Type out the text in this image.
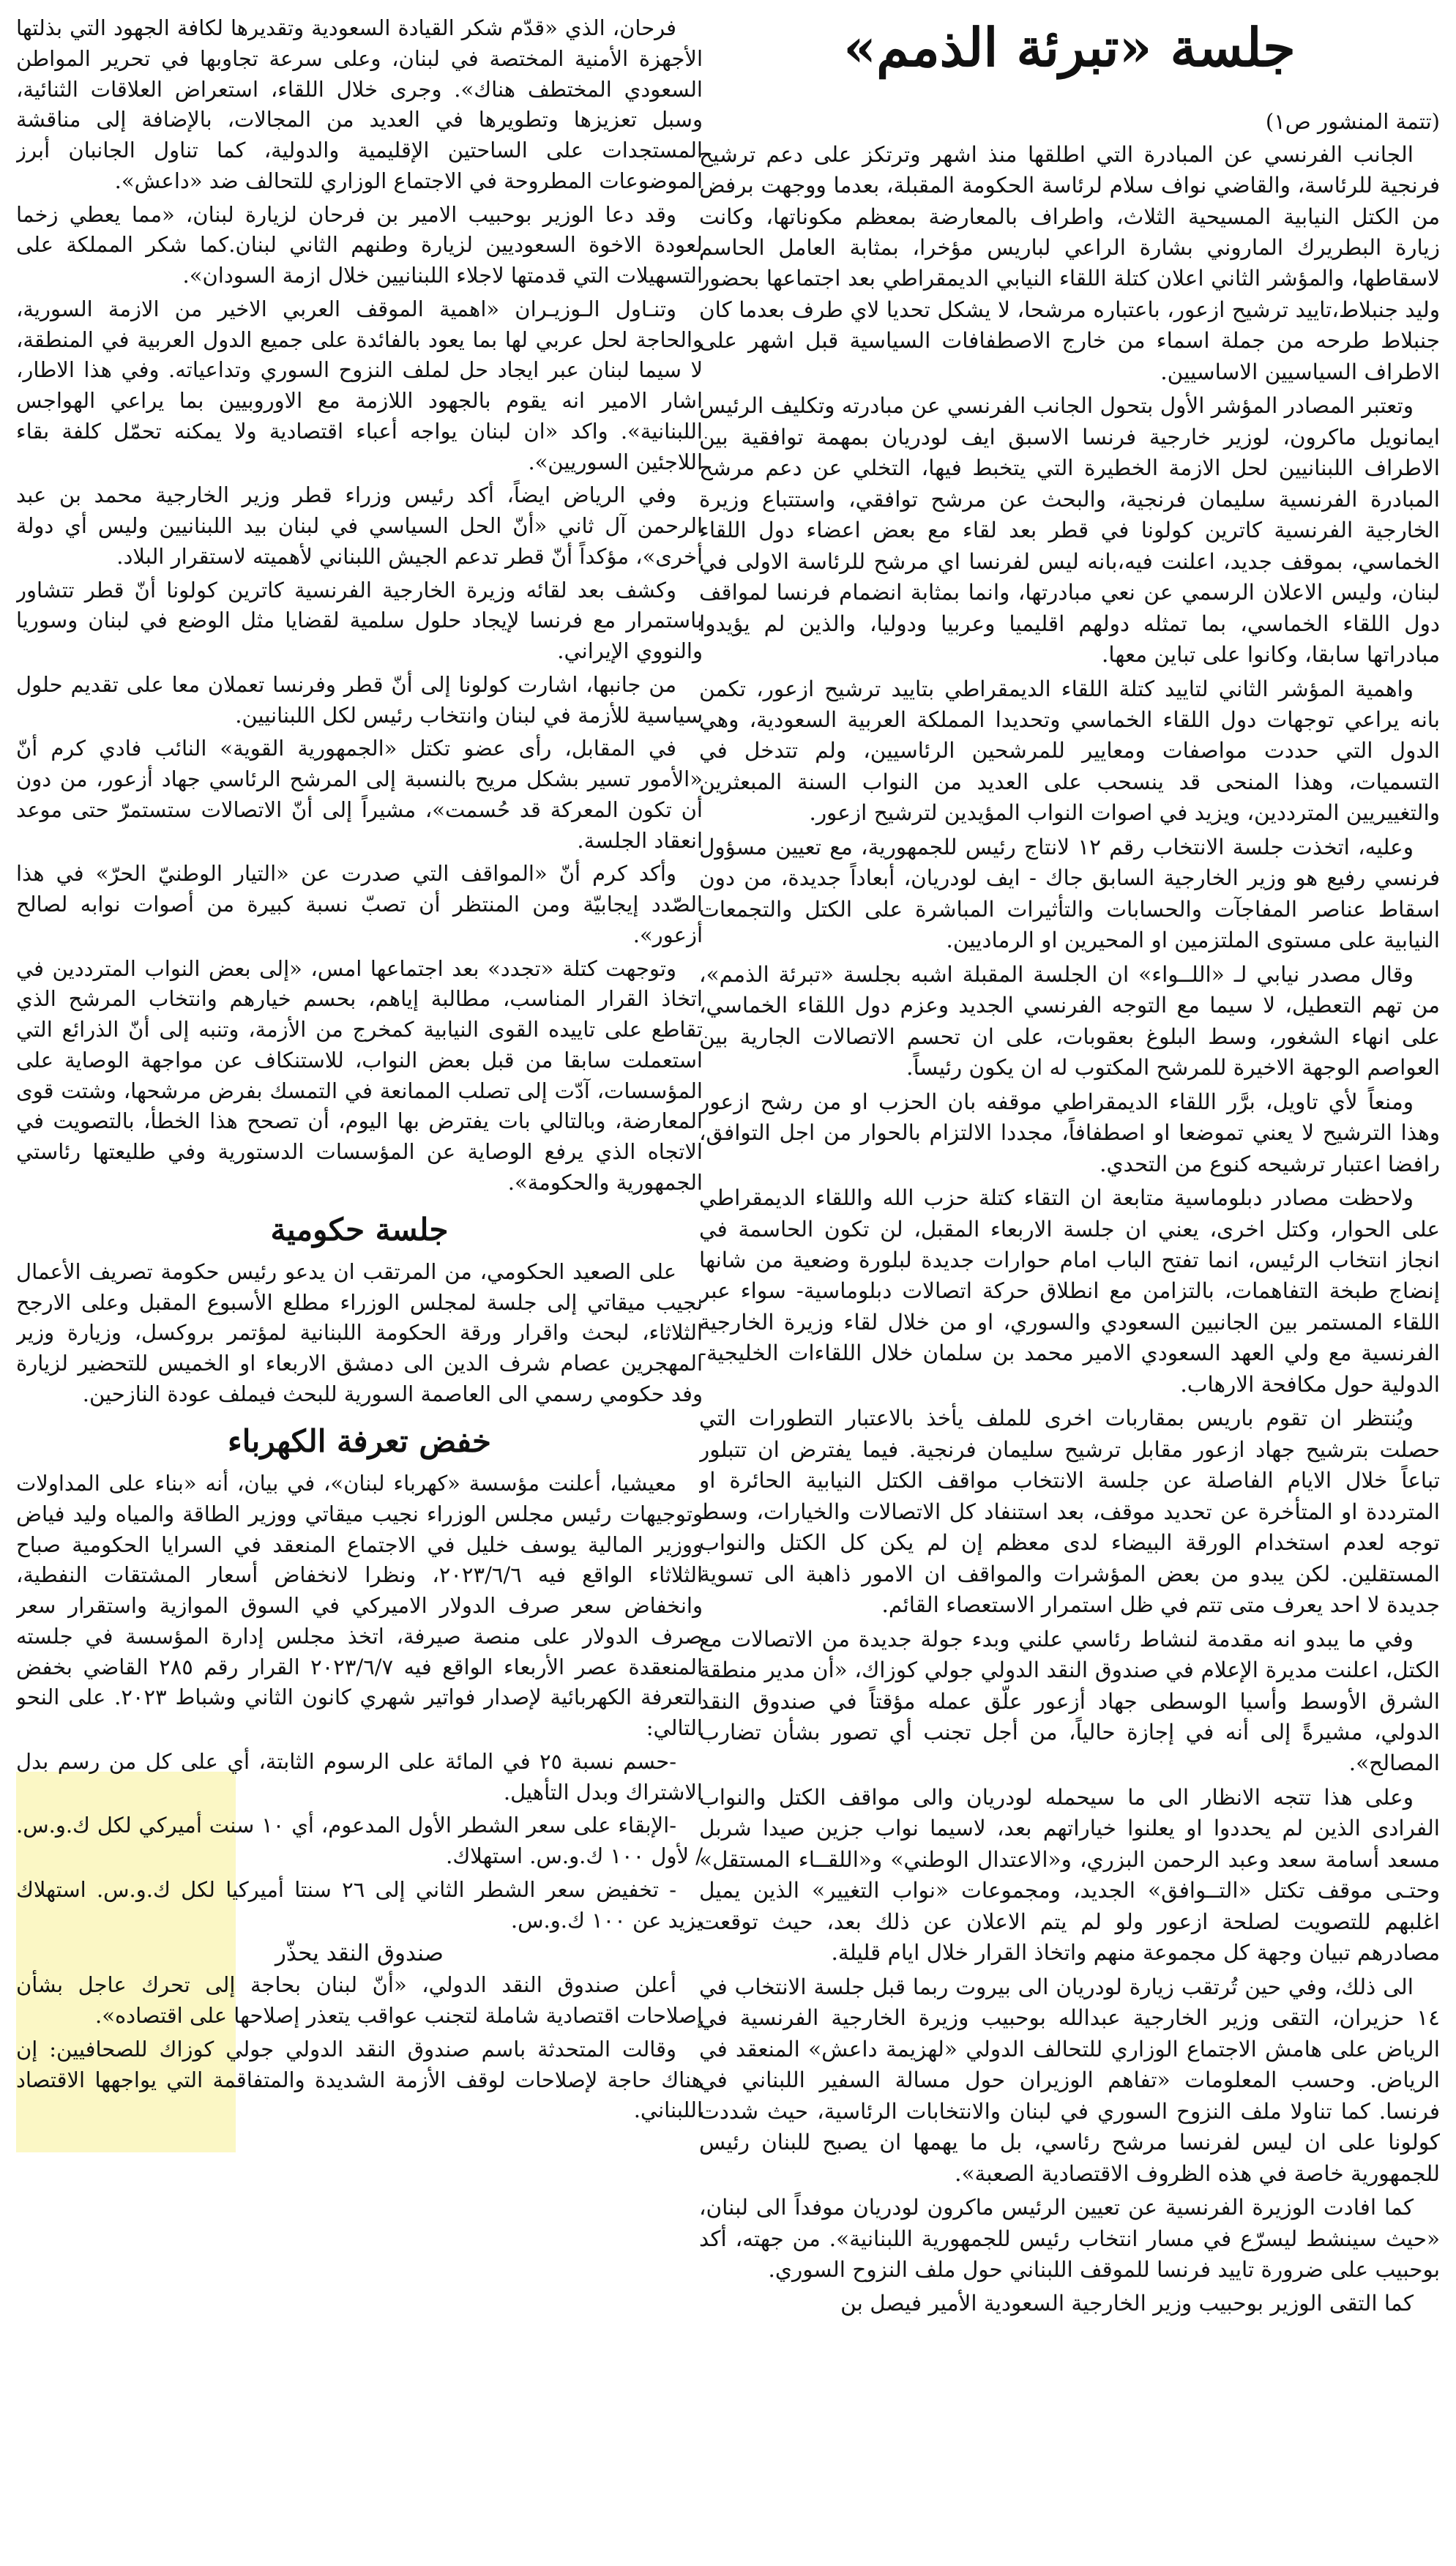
جلسة «تبرئة الذمم»
(تتمة المنشور ص١)

الجانب الفرنسي عن المبادرة التي اطلقها منذ اشهر وترتكز على دعم ترشيح فرنجية للرئاسة، والقاضي نواف سلام لرئاسة الحكومة المقبلة، بعدما ووجهت برفض من الكتل النيابية المسيحية الثلاث، واطراف بالمعارضة بمعظم مكوناتها، وكانت زيارة البطريرك الماروني بشارة الراعي لباريس مؤخرا، بمثابة العامل الحاسم لاسقاطها، والمؤشر الثاني اعلان كتلة اللقاء النيابي الديمقراطي بعد اجتماعها بحضور وليد جنبلاط،تاييد ترشيح ازعور، باعتباره مرشحا، لا يشكل تحديا لاي طرف بعدما كان جنبلاط طرحه من جملة اسماء من خارج الاصطفافات السياسية قبل اشهر على الاطراف السياسيين الاساسيين.

وتعتبر المصادر المؤشر الأول بتحول الجانب الفرنسي عن مبادرته وتكليف الرئيس ايمانويل ماكرون، لوزير خارجية فرنسا الاسبق ايف لودريان بمهمة توافقية بين الاطراف اللبنانيين لحل الازمة الخطيرة التي يتخبط فيها، التخلي عن دعم مرشح المبادرة الفرنسية سليمان فرنجية، والبحث عن مرشح توافقي، واستتباع وزيرة الخارجية الفرنسية كاترين كولونا في قطر بعد لقاء مع بعض اعضاء دول اللقاء الخماسي، بموقف جديد، اعلنت فيه،بانه ليس لفرنسا اي مرشح للرئاسة الاولى في لبنان، وليس الاعلان الرسمي عن نعي مبادرتها، وانما بمثابة انضمام فرنسا لمواقف دول اللقاء الخماسي، بما تمثله دولهم اقليميا وعربيا ودوليا، والذين لم يؤيدوا مبادراتها سابقا، وكانوا على تباين معها.

واهمية المؤشر الثاني لتاييد كتلة اللقاء الديمقراطي بتاييد ترشيح ازعور، تكمن بانه يراعي توجهات دول اللقاء الخماسي وتحديدا المملكة العربية السعودية، وهي الدول التي حددت مواصفات ومعايير للمرشحين الرئاسيين، ولم تتدخل في التسميات، وهذا المنحى قد ينسحب على العديد من النواب السنة المبعثرين والتغييريين المترددين، ويزيد في اصوات النواب المؤيدين لترشيح ازعور.

وعليه، اتخذت جلسة الانتخاب رقم ١٢ لانتاج رئيس للجمهورية، مع تعيين مسؤول فرنسي رفيع هو وزير الخارجية السابق جاك - ايف لودريان، أبعاداً جديدة، من دون اسقاط عناصر المفاجآت والحسابات والتأثيرات المباشرة على الكتل والتجمعات النيابية على مستوى الملتزمين او المحيرين او الرماديين.

وقال مصدر نيابي لـ «اللــواء» ان الجلسة المقبلة اشبه بجلسة «تبرئة الذمم»، من تهم التعطيل، لا سيما مع التوجه الفرنسي الجديد وعزم دول اللقاء الخماسي، على انهاء الشغور، وسط البلوغ بعقوبات، على ان تحسم الاتصالات الجارية بين العواصم الوجهة الاخيرة للمرشح المكتوب له ان يكون رئيساً.

ومنعاً لأي تاويل، برَّر اللقاء الديمقراطي موقفه بان الحزب او من رشح ازعور وهذا الترشيح لا يعني تموضعا او اصطفافاً، مجددا الالتزام بالحوار من اجل التوافق، رافضا اعتبار ترشيحه كنوع من التحدي.

ولاحظت مصادر دبلوماسية متابعة ان التقاء كتلة حزب الله واللقاء الديمقراطي على الحوار، وكتل اخرى، يعني ان جلسة الاربعاء المقبل، لن تكون الحاسمة في انجاز انتخاب الرئيس، انما تفتح الباب امام حوارات جديدة لبلورة وضعية من شانها إنضاج طبخة التفاهمات، بالتزامن مع انطلاق حركة اتصالات دبلوماسية- سواء عبر اللقاء المستمر بين الجانبين السعودي والسوري، او من خلال لقاء وزيرة الخارجية الفرنسية مع ولي العهد السعودي الامير محمد بن سلمان خلال اللقاءات الخليجية- الدولية حول مكافحة الارهاب.

ويُنتظر ان تقوم باريس بمقاربات اخرى للملف يأخذ بالاعتبار التطورات التي حصلت بترشيح جهاد ازعور مقابل ترشيح سليمان فرنجية. فيما يفترض ان تتبلور تباعاً خلال الايام الفاصلة عن جلسة الانتخاب مواقف الكتل النيابية الحائرة او المترددة او المتأخرة عن تحديد موقف، بعد استنفاد كل الاتصالات والخيارات، وسط توجه لعدم استخدام الورقة البيضاء لدى معظم إن لم يكن كل الكتل والنواب المستقلين. لكن يبدو من بعض المؤشرات والمواقف ان الامور ذاهبة الى تسوية جديدة لا احد يعرف متى تتم في ظل استمرار الاستعصاء القائم.

وفي ما يبدو انه مقدمة لنشاط رئاسي علني وبدء جولة جديدة من الاتصالات مع الكتل، اعلنت مديرة الإعلام في صندوق النقد الدولي جولي كوزاك، «أن مدير منطقة الشرق الأوسط وأسيا الوسطى جهاد أزعور علّق عمله مؤقتاً في صندوق النقد الدولي، مشيرةً إلى أنه في إجازة حالياً، من أجل تجنب أي تصور بشأن تضارب المصالح».

وعلى هذا تتجه الانظار الى ما سيحمله لودريان والى مواقف الكتل والنواب الفرادى الذين لم يحددوا او يعلنوا خياراتهم بعد، لاسيما نواب جزين صيدا شربل مسعد أسامة سعد وعبد الرحمن البزري، و«الاعتدال الوطني» و«اللقــاء المستقل» وحتـى موقف تكتل «التــوافق» الجديد، ومجموعات «نواب التغيير» الذين يميل اغلبهم للتصويت لصلحة ازعور ولو لم يتم الاعلان عن ذلك بعد، حيث توقعت مصادرهم تبيان وجهة كل مجموعة منهم واتخاذ القرار خلال ايام قليلة.

الى ذلك، وفي حين تُرتقب زيارة لودريان الى بيروت ربما قبل جلسة الانتخاب في ١٤ حزيران، التقى وزير الخارجية عبدالله بوحبيب وزيرة الخارجية الفرنسية في الرياض على هامش الاجتماع الوزاري للتحالف الدولي «لهزيمة داعش» المنعقد في الرياض. وحسب المعلومات «تفاهم الوزيران حول مسالة السفير اللبناني في فرنسا. كما تناولا ملف النزوح السوري في لبنان والانتخابات الرئاسية، حيث شددت كولونا على ان ليس لفرنسا مرشح رئاسي، بل ما يهمها ان يصبح للبنان رئيس للجمهورية خاصة في هذه الظروف الاقتصادية الصعبة».

كما افادت الوزيرة الفرنسية عن تعيين الرئيس ماكرون لودريان موفداً الى لبنان، «حيث سينشط ليسرّع في مسار انتخاب رئيس للجمهورية اللبنانية». من جهته، أكد بوحبيب على ضرورة تاييد فرنسا للموقف اللبناني حول ملف النزوح السوري.

كما التقى الوزير بوحبيب وزير الخارجية السعودية الأمير فيصل بن

فرحان، الذي «قدّم شكر القيادة السعودية وتقديرها لكافة الجهود التي بذلتها الأجهزة الأمنية المختصة في لبنان، وعلى سرعة تجاوبها في تحرير المواطن السعودي المختطف هناك». وجرى خلال اللقاء، استعراض العلاقات الثنائية، وسبل تعزيزها وتطويرها في العديد من المجالات، بالإضافة إلى مناقشة المستجدات على الساحتين الإقليمية والدولية، كما تناول الجانبان أبرز الموضوعات المطروحة في الاجتماع الوزاري للتحالف ضد «داعش».

وقد دعا الوزير بوحبيب الامير بن فرحان لزيارة لبنان، «مما يعطي زخما لعودة الاخوة السعوديين لزيارة وطنهم الثاني لبنان.كما شكر المملكة على التسهيلات التي قدمتها لاجلاء اللبنانيين خلال ازمة السودان».

وتنـاول الـوزيـران «اهمية الموقف العربي الاخير من الازمة السورية، والحاجة لحل عربي لها بما يعود بالفائدة على جميع الدول العربية في المنطقة، لا سيما لبنان عبر ايجاد حل لملف النزوح السوري وتداعياته. وفي هذا الاطار، اشار الامير انه يقوم بالجهود اللازمة مع الاوروبيين بما يراعي الهواجس اللبنانية». واكد «ان لبنان يواجه أعباء اقتصادية ولا يمكنه تحمّل كلفة بقاء اللاجئين السوريين».

وفي الرياض ايضاً، أكد رئيس وزراء قطر وزير الخارجية محمد بن عبد الرحمن آل ثاني «أنّ الحل السياسي في لبنان بيد اللبنانيين وليس أي دولة أخرى»، مؤكداً أنّ قطر تدعم الجيش اللبناني لأهميته لاستقرار البلاد.

وكشف بعد لقائه وزيرة الخارجية الفرنسية كاترين كولونا أنّ قطر تتشاور باستمرار مع فرنسا لإيجاد حلول سلمية لقضايا مثل الوضع في لبنان وسوريا والنووي الإيراني.

من جانبها، اشارت كولونا إلى أنّ قطر وفرنسا تعملان معا على تقديم حلول سياسية للأزمة في لبنان وانتخاب رئيس لكل اللبنانيين.

في المقابل، رأى عضو تكتل «الجمهورية القوية» النائب فادي كرم أنّ «الأمور تسير بشكل مريح بالنسبة إلى المرشح الرئاسي جهاد أزعور، من دون أن تكون المعركة قد حُسمت»، مشيراً إلى أنّ الاتصالات ستستمرّ حتى موعد انعقاد الجلسة.

وأكد كرم أنّ «المواقف التي صدرت عن «التيار الوطنيّ الحرّ» في هذا الصّدد إيجابيّة ومن المنتظر أن تصبّ نسبة كبيرة من أصوات نوابه لصالح أزعور».

وتوجهت كتلة «تجدد» بعد اجتماعها امس، «إلى بعض النواب المترددين في اتخاذ القرار المناسب، مطالبة إياهم، بحسم خيارهم وانتخاب المرشح الذي تقاطع على تاييده القوى النيابية كمخرج من الأزمة، وتنبه إلى أنّ الذرائع التي استعملت سابقا من قبل بعض النواب، للاستنكاف عن مواجهة الوصاية على المؤسسات، آدّت إلى تصلب الممانعة في التمسك بفرض مرشحها، وشتت قوى المعارضة، وبالتالي بات يفترض بها اليوم، أن تصحح هذا الخطأ، بالتصويت في الاتجاه الذي يرفع الوصاية عن المؤسسات الدستورية وفي طليعتها رئاستي الجمهورية والحكومة».

جلسة حكومية

على الصعيد الحكومي، من المرتقب ان يدعو رئيس حكومة تصريف الأعمال نجيب ميقاتي إلى جلسة لمجلس الوزراء مطلع الأسبوع المقبل وعلى الارجح الثلاثاء، لبحث واقرار ورقة الحكومة اللبنانية لمؤتمر بروكسل، وزيارة وزير المهجرين عصام شرف الدين الى دمشق الاربعاء او الخميس للتحضير لزيارة وفد حكومي رسمي الى العاصمة السورية للبحث فيملف عودة النازحين.

خفض تعرفة الكهرباء

معيشيا، أعلنت مؤسسة «كهرباء لبنان»، في بيان، أنه «بناء على المداولات وتوجيهات رئيس مجلس الوزراء نجيب ميقاتي ووزير الطاقة والمياه وليد فياض ووزير المالية يوسف خليل في الاجتماع المنعقد في السرايا الحكومية صباح الثلاثاء الواقع فيه ٢٠٢٣/٦/٦، ونظرا لانخفاض أسعار المشتقات النفطية، وانخفاض سعر صرف الدولار الاميركي في السوق الموازية واستقرار سعر صرف الدولار على منصة صيرفة، اتخذ مجلس إدارة المؤسسة في جلسته المنعقدة عصر الأربعاء الواقع فيه ٢٠٢٣/٦/٧ القرار رقم ٢٨٥ القاضي بخفض التعرفة الكهربائية لإصدار فواتير شهري كانون الثاني وشباط ٢٠٢٣. على النحو التالي:

-حسم نسبة ٢٥ في المائة على الرسوم الثابتة، أي على كل من رسم بدل الاشتراك وبدل التأهيل.

-الإبقاء على سعر الشطر الأول المدعوم، أي ١٠ سنت أميركي لكل ك.و.س. / لأول ١٠٠ ك.و.س. استهلاك.

- تخفيض سعر الشطر الثاني إلى ٢٦ سنتا أميركيا لكل ك.و.س. استهلاك يزيد عن ١٠٠ ك.و.س.

صندوق النقد يحذّر

أعلن صندوق النقد الدولي، «أنّ لبنان بحاجة إلى تحرك عاجل بشأن إصلاحات اقتصادية شاملة لتجنب عواقب يتعذر إصلاحها على اقتصاده».

وقالت المتحدثة باسم صندوق النقد الدولي جولي كوزاك للصحافيين: إن هناك حاجة لإصلاحات لوقف الأزمة الشديدة والمتفاقمة التي يواجهها الاقتصاد اللبناني.
